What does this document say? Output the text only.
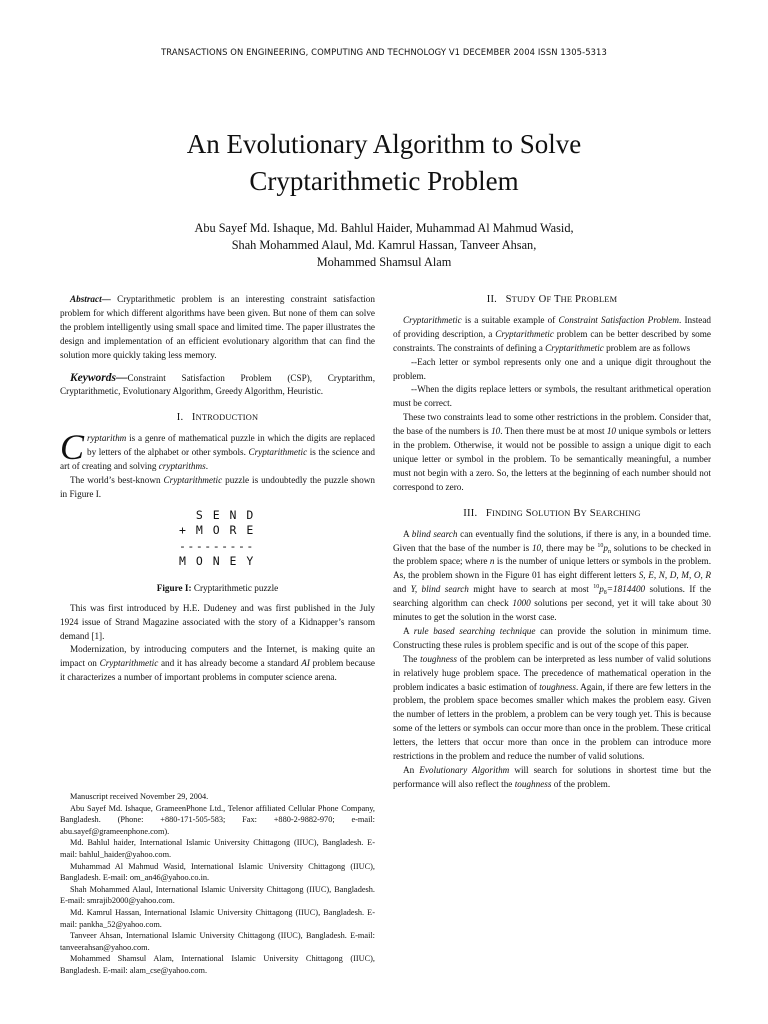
TRANSACTIONS ON ENGINEERING, COMPUTING AND TECHNOLOGY V1 DECEMBER 2004 ISSN 1305-5313
An Evolutionary Algorithm to Solve
Cryptarithmetic Problem
Abu Sayef Md. Ishaque, Md. Bahlul Haider, Muhammad Al Mahmud Wasid,
Shah Mohammed Alaul, Md. Kamrul Hassan, Tanveer Ahsan,
Mohammed Shamsul Alam

Abstract— Cryptarithmetic problem is an interesting constraint satisfaction problem for which different algorithms have been given. But none of them can solve the problem intelligently using small space and limited time. The paper illustrates the design and implementation of an efficient evolutionary algorithm that can find the solution more quickly taking less memory.

Keywords—Constraint Satisfaction Problem (CSP), Cryptarithm, Cryptarithmetic, Evolutionary Algorithm, Greedy Algorithm, Heuristic.

I. INTRODUCTION

Cryptarithm is a genre of mathematical puzzle in which the digits are replaced by letters of the alphabet or other symbols. Cryptarithmetic is the science and art of creating and solving cryptarithms.

The world’s best-known Cryptarithmetic puzzle is undoubtedly the puzzle shown in Figure I.

S E N D
+ M O R E
---------
M O N E Y

Figure I: Cryptarithmetic puzzle

This was first introduced by H.E. Dudeney and was first published in the July 1924 issue of Strand Magazine associated with the story of a Kidnapper’s ransom demand [1].

Modernization, by introducing computers and the Internet, is making quite an impact on Cryptarithmetic and it has already become a standard AI problem because it characterizes a number of important problems in computer science arena.

Manuscript received November 29, 2004.

Abu Sayef Md. Ishaque, GrameenPhone Ltd., Telenor affiliated Cellular Phone Company, Bangladesh. (Phone: +880-171-505-583; Fax: +880-2-9882-970; e-mail: abu.sayef@grameenphone.com).

Md. Bahlul haider, International Islamic University Chittagong (IIUC), Bangladesh. E-mail: bahlul_haider@yahoo.com.

Muhammad Al Mahmud Wasid, International Islamic University Chittagong (IIUC), Bangladesh. E-mail: om_an46@yahoo.co.in.

Shah Mohammed Alaul, International Islamic University Chittagong (IIUC), Bangladesh. E-mail: smrajib2000@yahoo.com.

Md. Kamrul Hassan, International Islamic University Chittagong (IIUC), Bangladesh. E-mail: pankha_52@yahoo.com.

Tanveer Ahsan, International Islamic University Chittagong (IIUC), Bangladesh. E-mail: tanveerahsan@yahoo.com.

Mohammed Shamsul Alam, International Islamic University Chittagong (IIUC), Bangladesh. E-mail: alam_cse@yahoo.com.

II. STUDY OF THE PROBLEM

Cryptarithmetic is a suitable example of Constraint Satisfaction Problem. Instead of providing description, a Cryptarithmetic problem can be better described by some constraints. The constraints of defining a Cryptarithmetic problem are as follows

--Each letter or symbol represents only one and a unique digit throughout the problem.

--When the digits replace letters or symbols, the resultant arithmetical operation must be correct.

These two constraints lead to some other restrictions in the problem. Consider that, the base of the numbers is 10. Then there must be at most 10 unique symbols or letters in the problem. Otherwise, it would not be possible to assign a unique digit to each unique letter or symbol in the problem. To be semantically meaningful, a number must not begin with a zero. So, the letters at the beginning of each number should not correspond to zero.

III. FINDING SOLUTION BY SEARCHING

A blind search can eventually find the solutions, if there is any, in a bounded time. Given that the base of the number is 10, there may be $^{10}p_n$ solutions to be checked in the problem space; where n is the number of unique letters or symbols in the problem. As, the problem shown in the Figure 01 has eight different letters S, E, N, D, M, O, R and Y, blind search might have to search at most $^{10}p_8=1814400$ solutions. If the searching algorithm can check 1000 solutions per second, yet it will take about 30 minutes to get the solution in the worst case.

A rule based searching technique can provide the solution in minimum time. Constructing these rules is problem specific and is out of the scope of this paper.

The toughness of the problem can be interpreted as less number of valid solutions in relatively huge problem space. The precedence of mathematical operation in the problem indicates a basic estimation of toughness. Again, if there are few letters in the problem, the problem space becomes smaller which makes the problem easy. Given the number of letters in the problem, a problem can be very tough yet. This is because some of the letters or symbols can occur more than once in the problem. These critical letters, the letters that occur more than once in the problem can introduce more restrictions in the problem and reduce the number of valid solutions.

An Evolutionary Algorithm will search for solutions in shortest time but the performance will also reflect the toughness of the problem.
